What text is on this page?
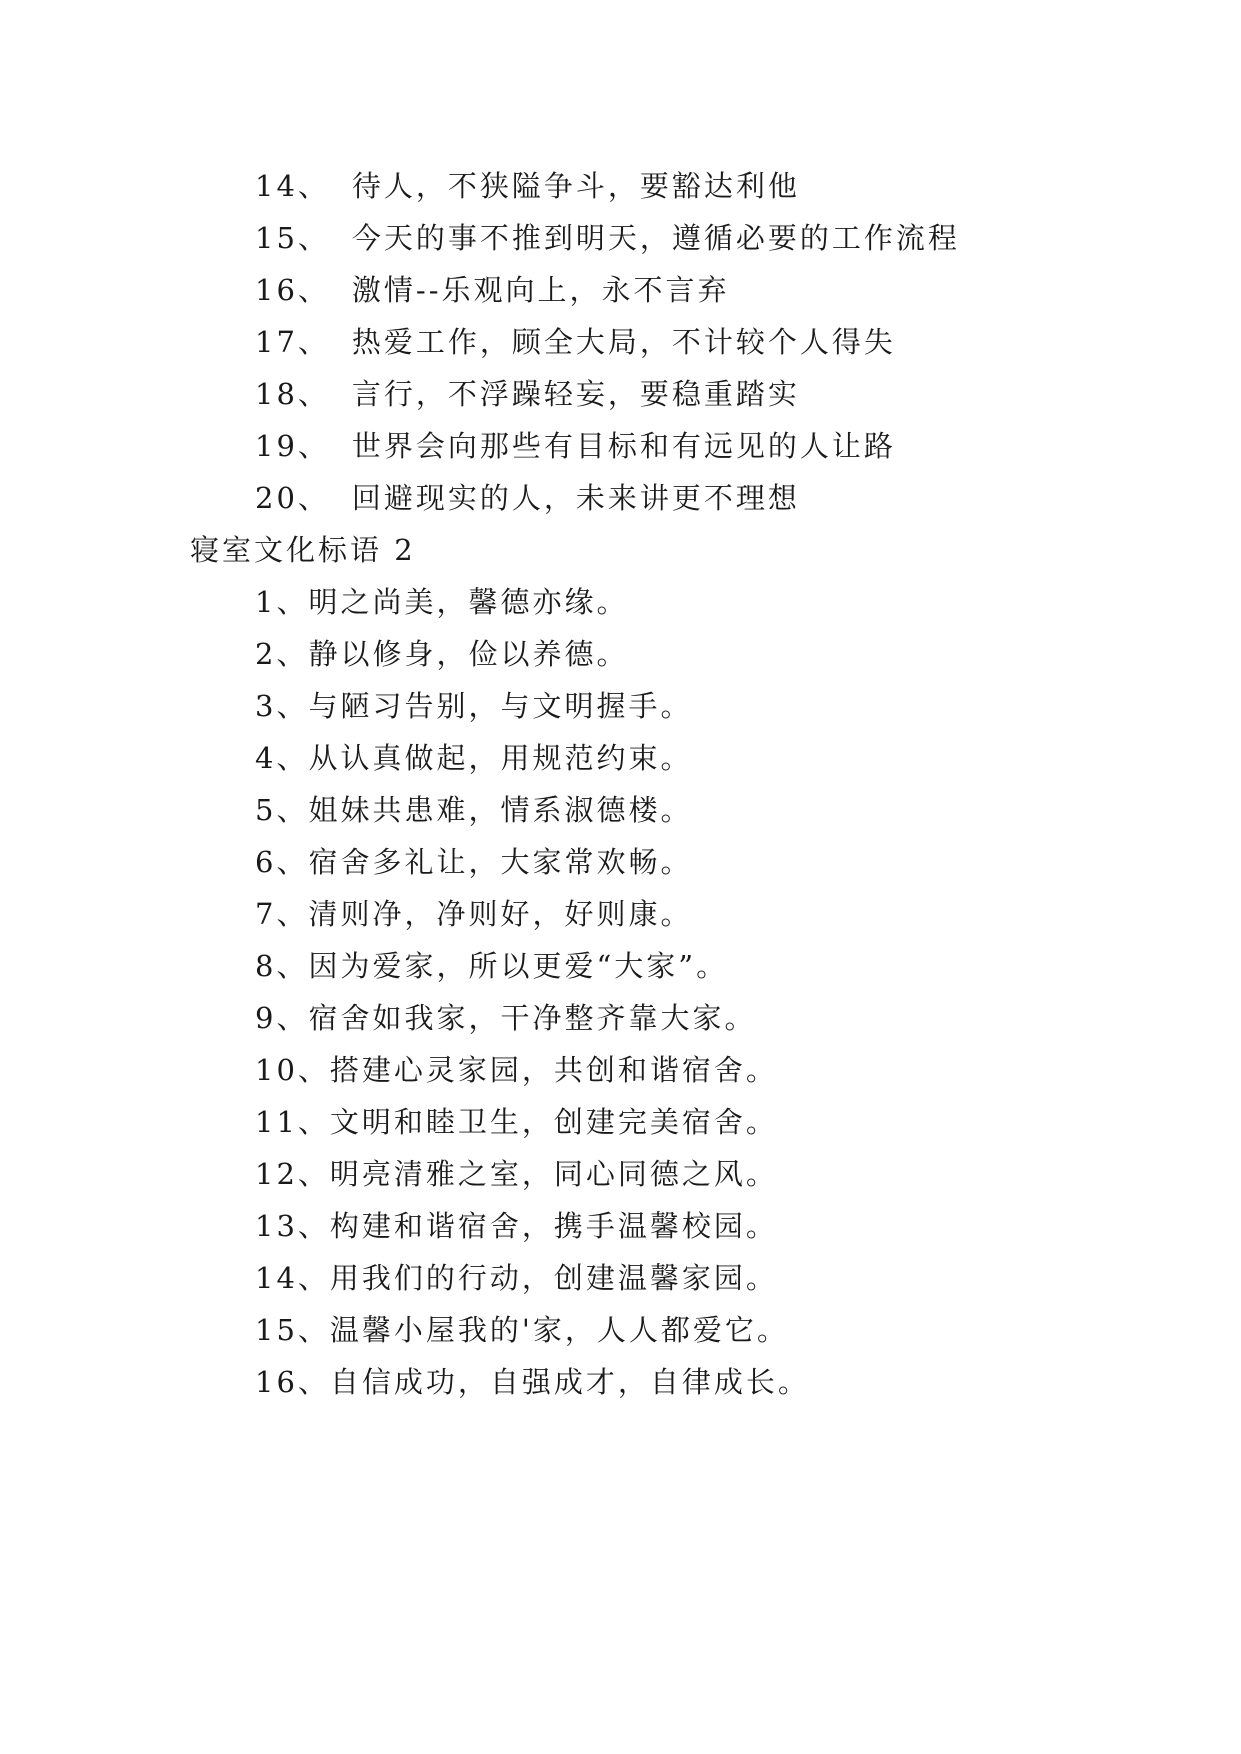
14、 待人，不狭隘争斗，要豁达利他
15、 今天的事不推到明天，遵循必要的工作流程
16、 激情--乐观向上，永不言弃
17、 热爱工作，顾全大局，不计较个人得失
18、 言行，不浮躁轻妄，要稳重踏实
19、 世界会向那些有目标和有远见的人让路
20、 回避现实的人，未来讲更不理想
寝室文化标语 2
1、明之尚美，馨德亦缘。
2、静以修身，俭以养德。
3、与陋习告别，与文明握手。
4、从认真做起，用规范约束。
5、姐妹共患难，情系淑德楼。
6、宿舍多礼让，大家常欢畅。
7、清则净，净则好，好则康。
8、因为爱家，所以更爱“大家”。
9、宿舍如我家，干净整齐靠大家。
10、搭建心灵家园，共创和谐宿舍。
11、文明和睦卫生，创建完美宿舍。
12、明亮清雅之室，同心同德之风。
13、构建和谐宿舍，携手温馨校园。
14、用我们的行动，创建温馨家园。
15、温馨小屋我的'家，人人都爱它。
16、自信成功，自强成才，自律成长。
